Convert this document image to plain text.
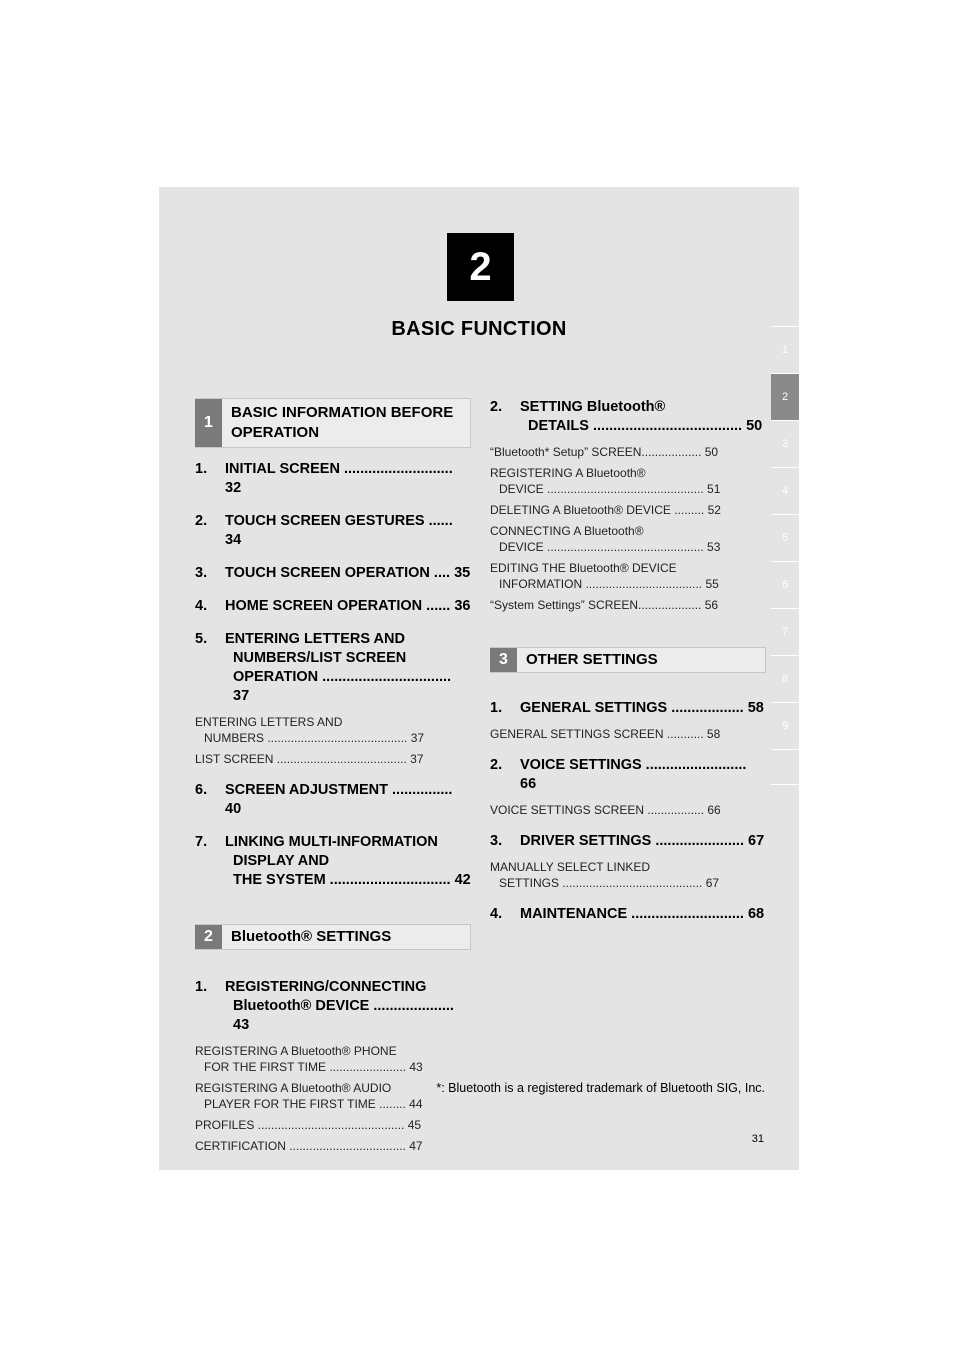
2
BASIC FUNCTION
1
2
3
4
5
6
7
8
9
1
BASIC INFORMATION BEFORE
OPERATION
1.	INITIAL SCREEN ........................... 32
2.	TOUCH SCREEN GESTURES ...... 34
3.	TOUCH SCREEN OPERATION .... 35
4.	HOME SCREEN OPERATION ...... 36
5.	ENTERING LETTERS AND
NUMBERS/LIST SCREEN
OPERATION ................................ 37
ENTERING LETTERS AND
NUMBERS .......................................... 37
LIST SCREEN ....................................... 37
6.	SCREEN ADJUSTMENT ............... 40
7.	LINKING MULTI-INFORMATION
DISPLAY AND
THE SYSTEM .............................. 42
2	Bluetooth® SETTINGS
1.	REGISTERING/CONNECTING
Bluetooth® DEVICE .................... 43
REGISTERING A Bluetooth® PHONE
FOR THE FIRST TIME ....................... 43
REGISTERING A Bluetooth® AUDIO
PLAYER FOR THE FIRST TIME ........ 44
PROFILES ............................................ 45
CERTIFICATION ................................... 47
2.	SETTING Bluetooth®
DETAILS ..................................... 50
“Bluetooth* Setup” SCREEN.................. 50
REGISTERING A Bluetooth®
DEVICE ............................................... 51
DELETING A Bluetooth® DEVICE ......... 52
CONNECTING A Bluetooth®
DEVICE ............................................... 53
EDITING THE Bluetooth® DEVICE
INFORMATION ................................... 55
“System Settings” SCREEN................... 56
3	OTHER SETTINGS
1.	GENERAL SETTINGS .................. 58
GENERAL SETTINGS SCREEN ........... 58
2.	VOICE SETTINGS ......................... 66
VOICE SETTINGS SCREEN ................. 66
3.	DRIVER SETTINGS ...................... 67
MANUALLY SELECT LINKED
SETTINGS .......................................... 67
4.	MAINTENANCE ............................ 68
*: Bluetooth is a registered trademark of Bluetooth SIG, Inc.
31
